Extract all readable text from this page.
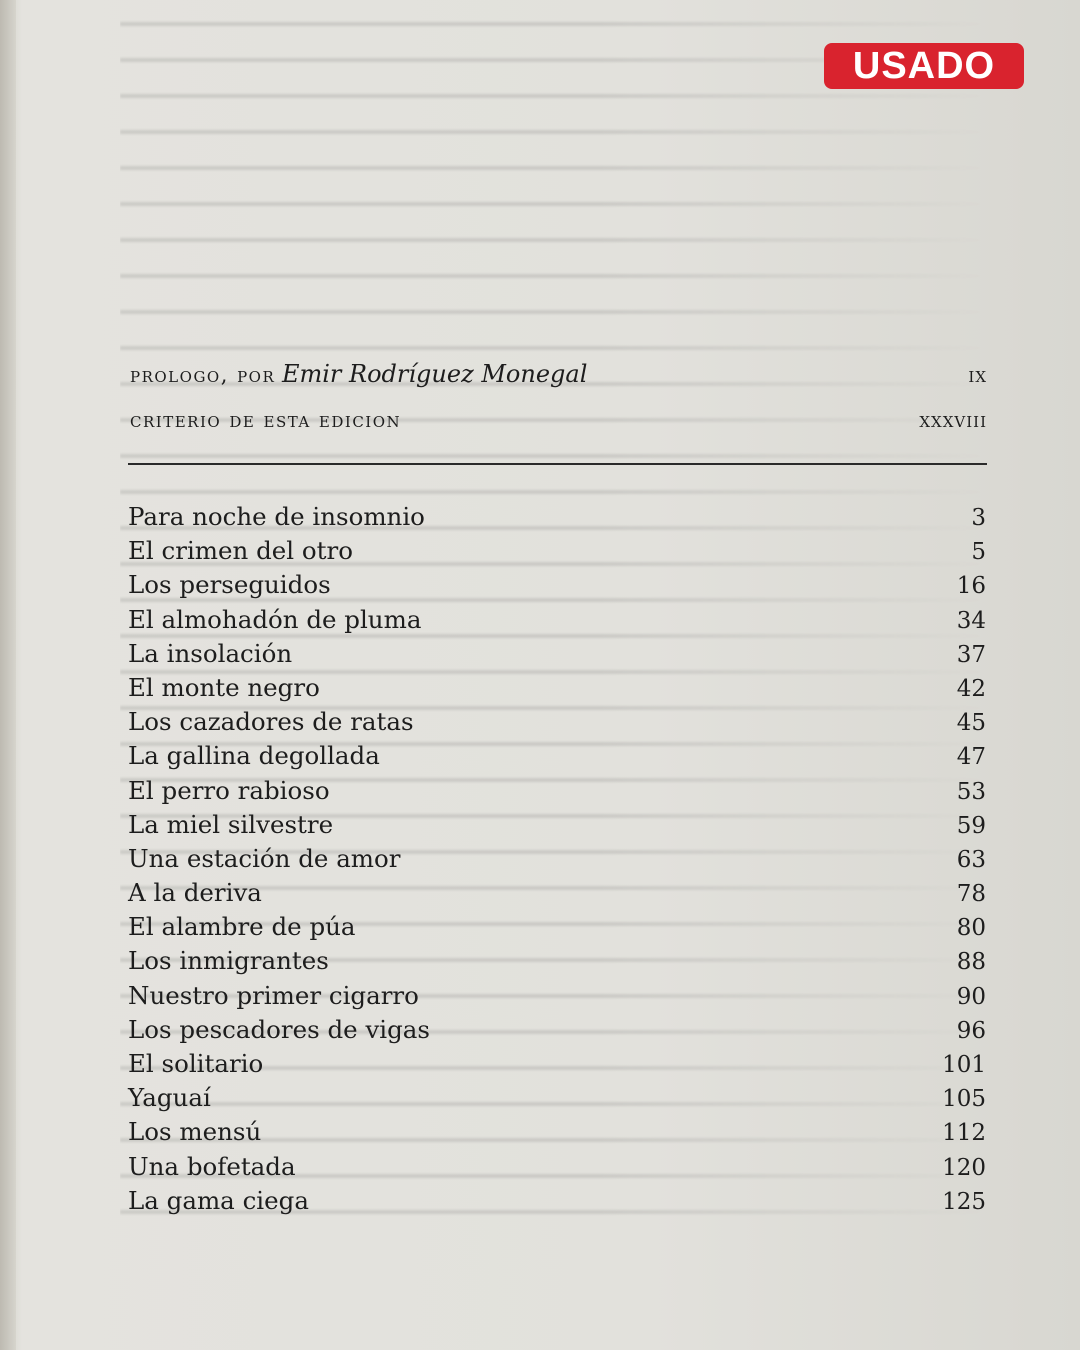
USADO
prologo, por Emir Rodríguez Monegal	ix
criterio de esta edicion	xxxviii
Para noche de insomnio	3
El crimen del otro	5
Los perseguidos	16
El almohadón de pluma	34
La insolación	37
El monte negro	42
Los cazadores de ratas	45
La gallina degollada	47
El perro rabioso	53
La miel silvestre	59
Una estación de amor	63
A la deriva	78
El alambre de púa	80
Los inmigrantes	88
Nuestro primer cigarro	90
Los pescadores de vigas	96
El solitario	101
Yaguaí	105
Los mensú	112
Una bofetada	120
La gama ciega	125
